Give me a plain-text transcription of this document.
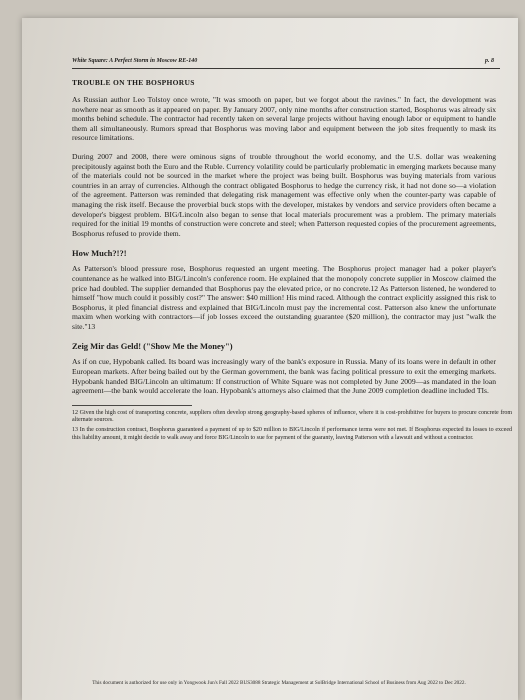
White Square: A Perfect Storm in Moscow RE-140	p. 8
TROUBLE ON THE BOSPHORUS

As Russian author Leo Tolstoy once wrote, "It was smooth on paper, but we forgot about the ravines." In fact, the development was nowhere near as smooth as it appeared on paper. By January 2007, only nine months after construction started, Bosphorus was already six months behind schedule. The contractor had recently taken on several large projects without having enough labor or equipment to handle them all simultaneously. Rumors spread that Bosphorus was moving labor and equipment between the job sites frequently to mask its resource limitations.

During 2007 and 2008, there were ominous signs of trouble throughout the world economy, and the U.S. dollar was weakening precipitously against both the Euro and the Ruble. Currency volatility could be particularly problematic in emerging markets because many of the materials could not be sourced in the market where the project was being built. Bosphorus was buying materials from various countries in an array of currencies. Although the contract obligated Bosphorus to hedge the currency risk, it had not done so—a violation of the agreement. Patterson was reminded that delegating risk management was effective only when the counter-party was capable of managing the risk itself. Because the proverbial buck stops with the developer, mistakes by vendors and service providers often became a developer's biggest problem. BIG/Lincoln also began to sense that local materials procurement was a problem. The primary materials required for the initial 19 months of construction were concrete and steel; when Patterson requested copies of the procurement agreements, Bosphorus refused to provide them.

How Much?!?!

As Patterson's blood pressure rose, Bosphorus requested an urgent meeting. The Bosphorus project manager had a poker player's countenance as he walked into BIG/Lincoln's conference room. He explained that the monopoly concrete supplier in Moscow claimed the price had doubled. The supplier demanded that Bosphorus pay the elevated price, or no concrete.12 As Patterson listened, he wondered to himself "how much could it possibly cost?" The answer: $40 million! His mind raced. Although the contract explicitly assigned this risk to Bosphorus, it pled financial distress and explained that BIG/Lincoln must pay the incremental cost. Patterson also knew the unfortunate maxim when working with contractors—if job losses exceed the outstanding guarantee ($20 million), the contractor may just "walk the site."13

Zeig Mir das Geld! ("Show Me the Money")

As if on cue, Hypobank called. Its board was increasingly wary of the bank's exposure in Russia. Many of its loans were in default in other European markets. After being bailed out by the German government, the bank was facing political pressure to exit the emerging markets. Hypobank handed BIG/Lincoln an ultimatum: If construction of White Square was not completed by June 2009—as mandated in the loan agreement—the bank would accelerate the loan. Hypobank's attorneys also claimed that the June 2009 completion deadline included TIs.

12 Given the high cost of transporting concrete, suppliers often develop strong geography-based spheres of influence, where it is cost-prohibitive for buyers to procure concrete from alternate sources.

13 In the construction contract, Bosphorus guaranteed a payment of up to $20 million to BIG/Lincoln if performance terms were not met. If Bosphorus expected its losses to exceed this liability amount, it might decide to walk away and force BIG/Lincoln to sue for payment of the guaranty, leaving Patterson with a lawsuit and without a contractor.

This document is authorized for use only in Yongwook Jun's Fall 2022 BUS3088 Strategic Management at SolBridge International School of Business from Aug 2022 to Dec 2022.
